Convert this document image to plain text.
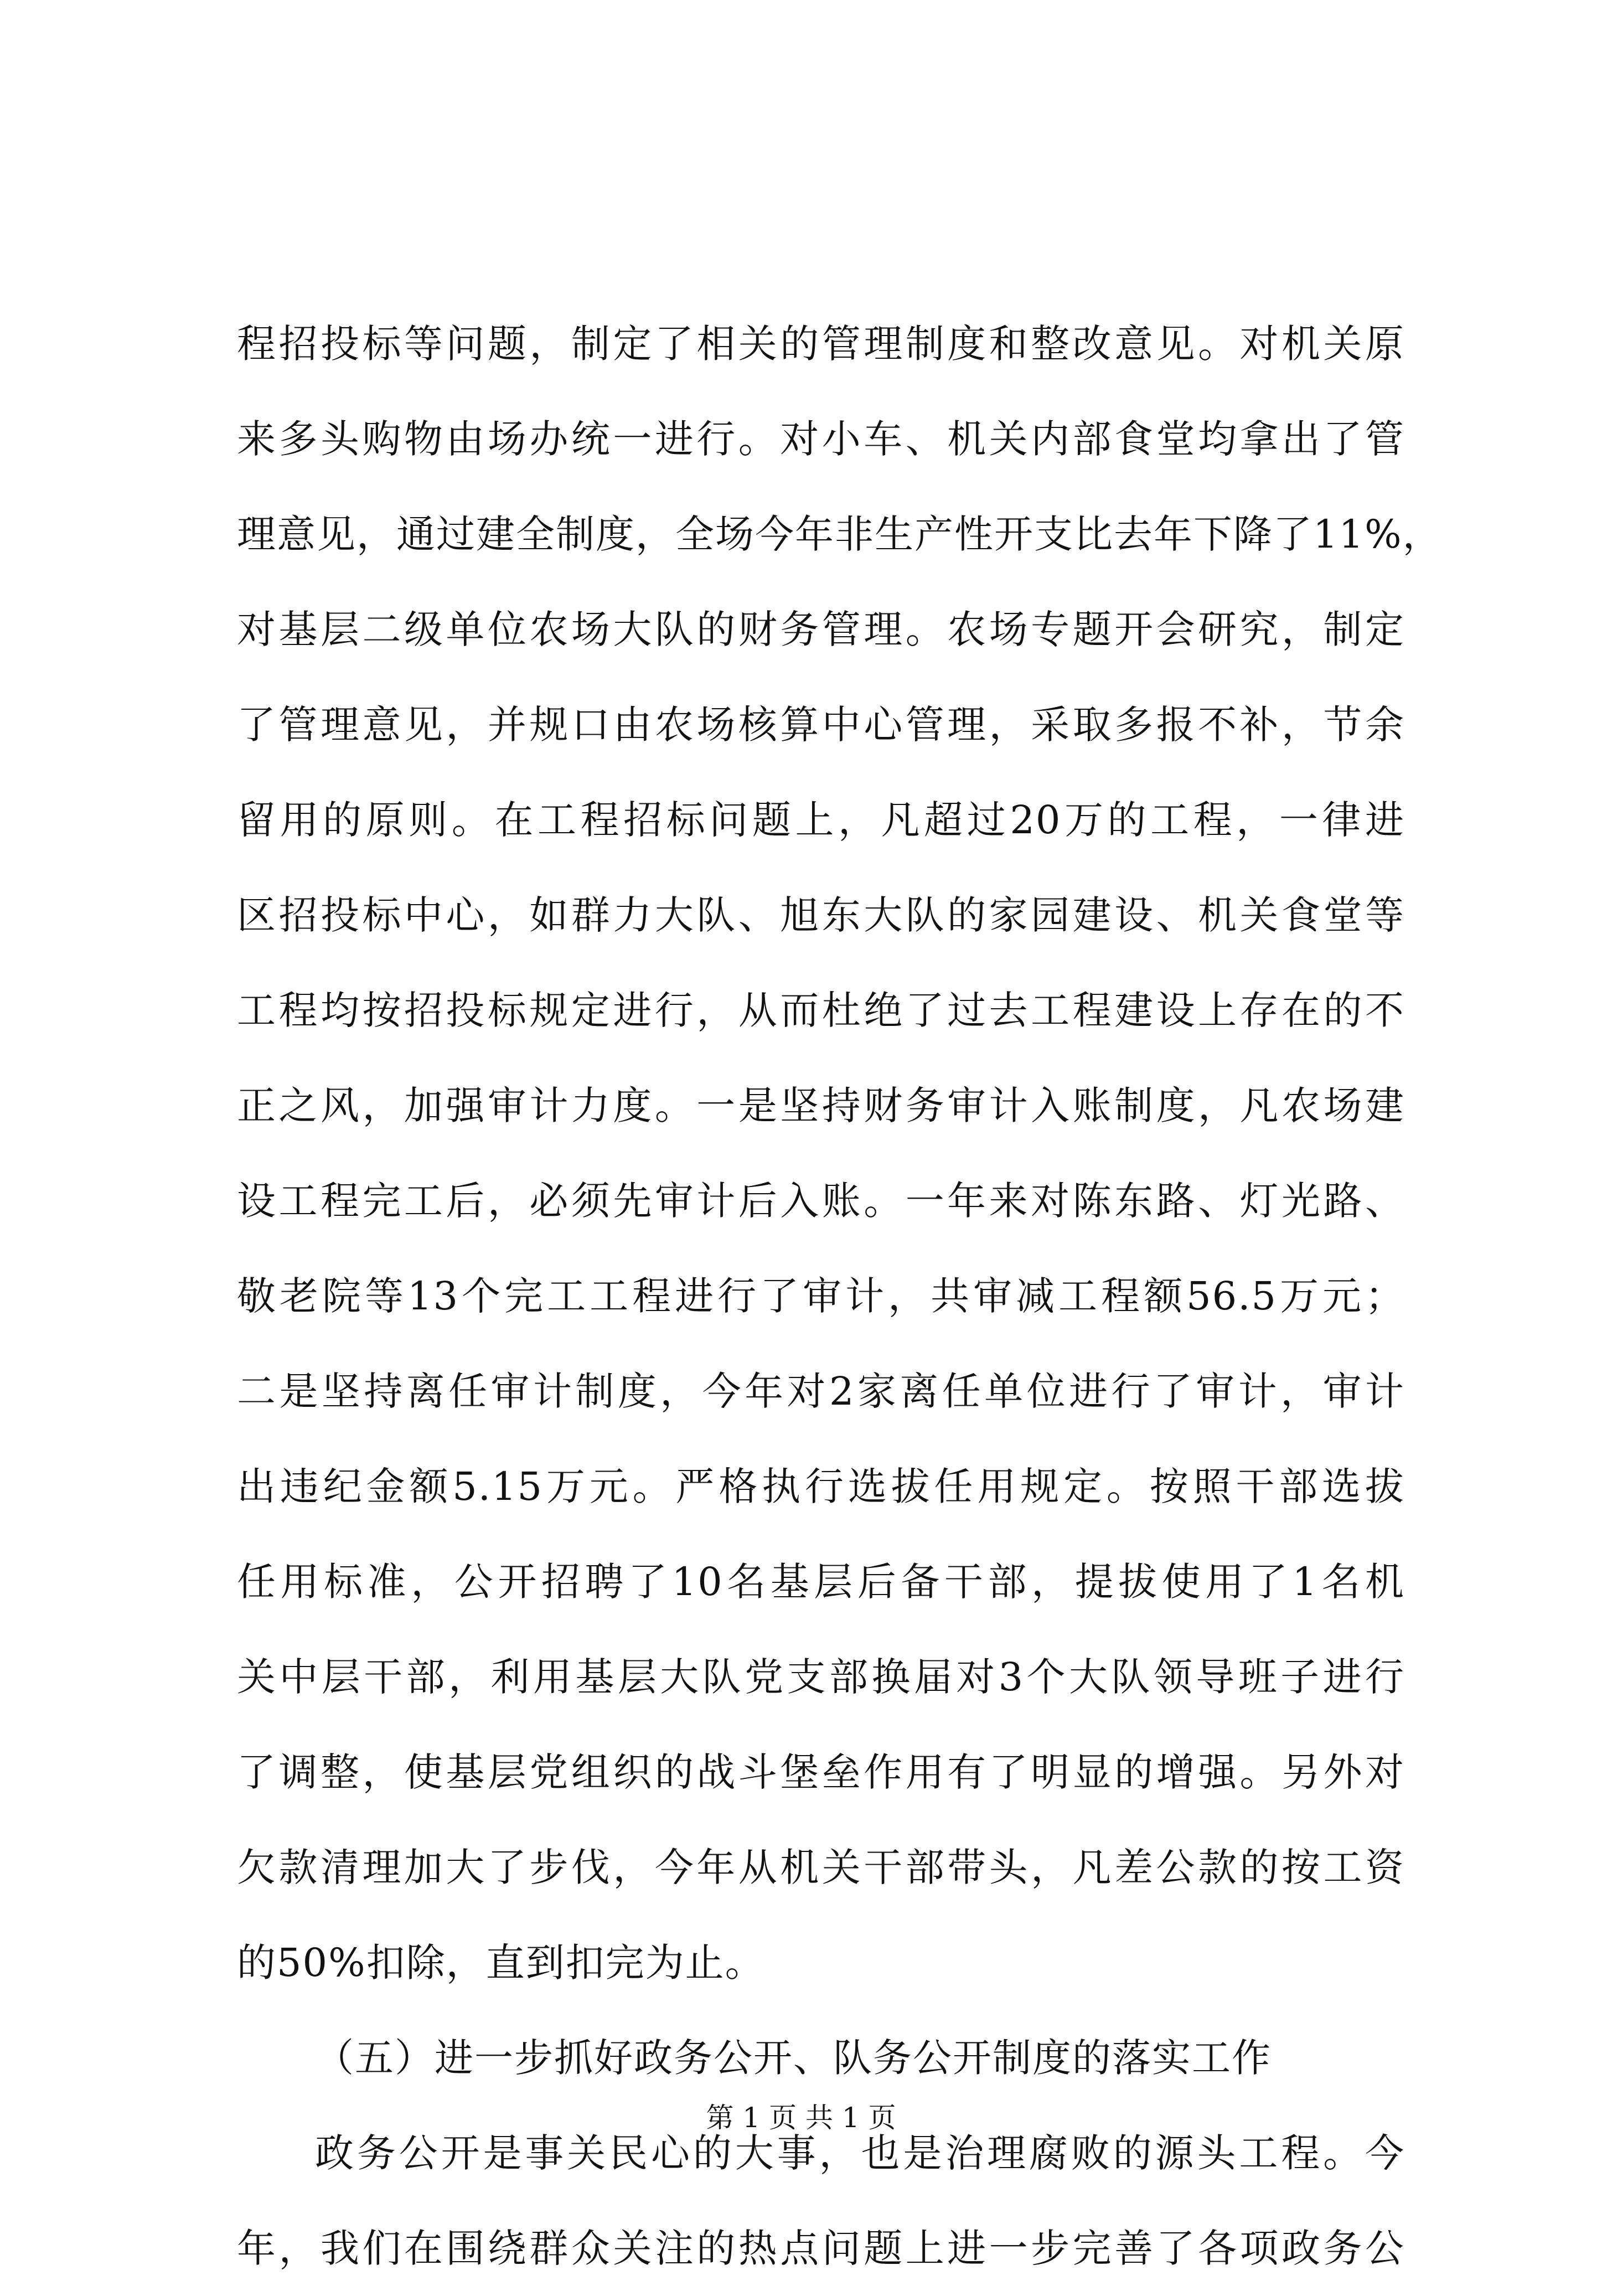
程招投标等问题，制定了相关的管理制度和整改意见。对机关原
来多头购物由场办统一进行。对小车、机关内部食堂均拿出了管
理意见，通过建全制度，全场今年非生产性开支比去年下降了11%，
对基层二级单位农场大队的财务管理。农场专题开会研究，制定
了管理意见，并规口由农场核算中心管理，采取多报不补，节余
留用的原则。在工程招标问题上，凡超过20万的工程，一律进
区招投标中心，如群力大队、旭东大队的家园建设、机关食堂等
工程均按招投标规定进行，从而杜绝了过去工程建设上存在的不
正之风，加强审计力度。一是坚持财务审计入账制度，凡农场建
设工程完工后，必须先审计后入账。一年来对陈东路、灯光路、
敬老院等13个完工工程进行了审计，共审减工程额56.5万元；
二是坚持离任审计制度，今年对2家离任单位进行了审计，审计
出违纪金额5.15万元。严格执行选拔任用规定。按照干部选拔
任用标准，公开招聘了10名基层后备干部，提拔使用了1名机
关中层干部，利用基层大队党支部换届对3个大队领导班子进行
了调整，使基层党组织的战斗堡垒作用有了明显的增强。另外对
欠款清理加大了步伐，今年从机关干部带头，凡差公款的按工资
的50%扣除，直到扣完为止。
（五）进一步抓好政务公开、队务公开制度的落实工作
政务公开是事关民心的大事，也是治理腐败的源头工程。今
年，我们在围绕群众关注的热点问题上进一步完善了各项政务公
第 1 页 共 1 页
